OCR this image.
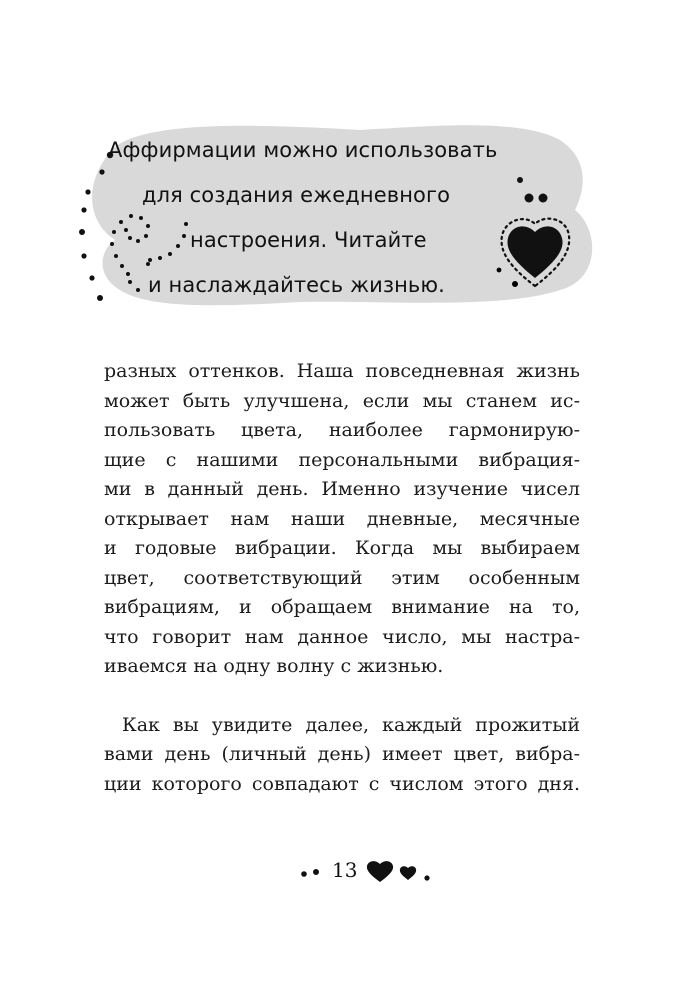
Аффирмации можно использовать
для создания ежедневного
настроения. Читайте
и наслаждайтесь жизнью.
разных оттенков. Наша повседневная жизнь
может быть улучшена, если мы станем ис-
пользовать цвета, наиболее гармонирую-
щие с нашими персональными вибрация-
ми в данный день. Именно изучение чисел
открывает нам наши дневные, месячные
и годовые вибрации. Когда мы выбираем
цвет, соответствующий этим особенным
вибрациям, и обращаем внимание на то,
что говорит нам данное число, мы настра-
иваемся на одну волну с жизнью.
Как вы увидите далее, каждый прожитый
вами день (личный день) имеет цвет, вибра-
ции которого совпадают с числом этого дня.
13
